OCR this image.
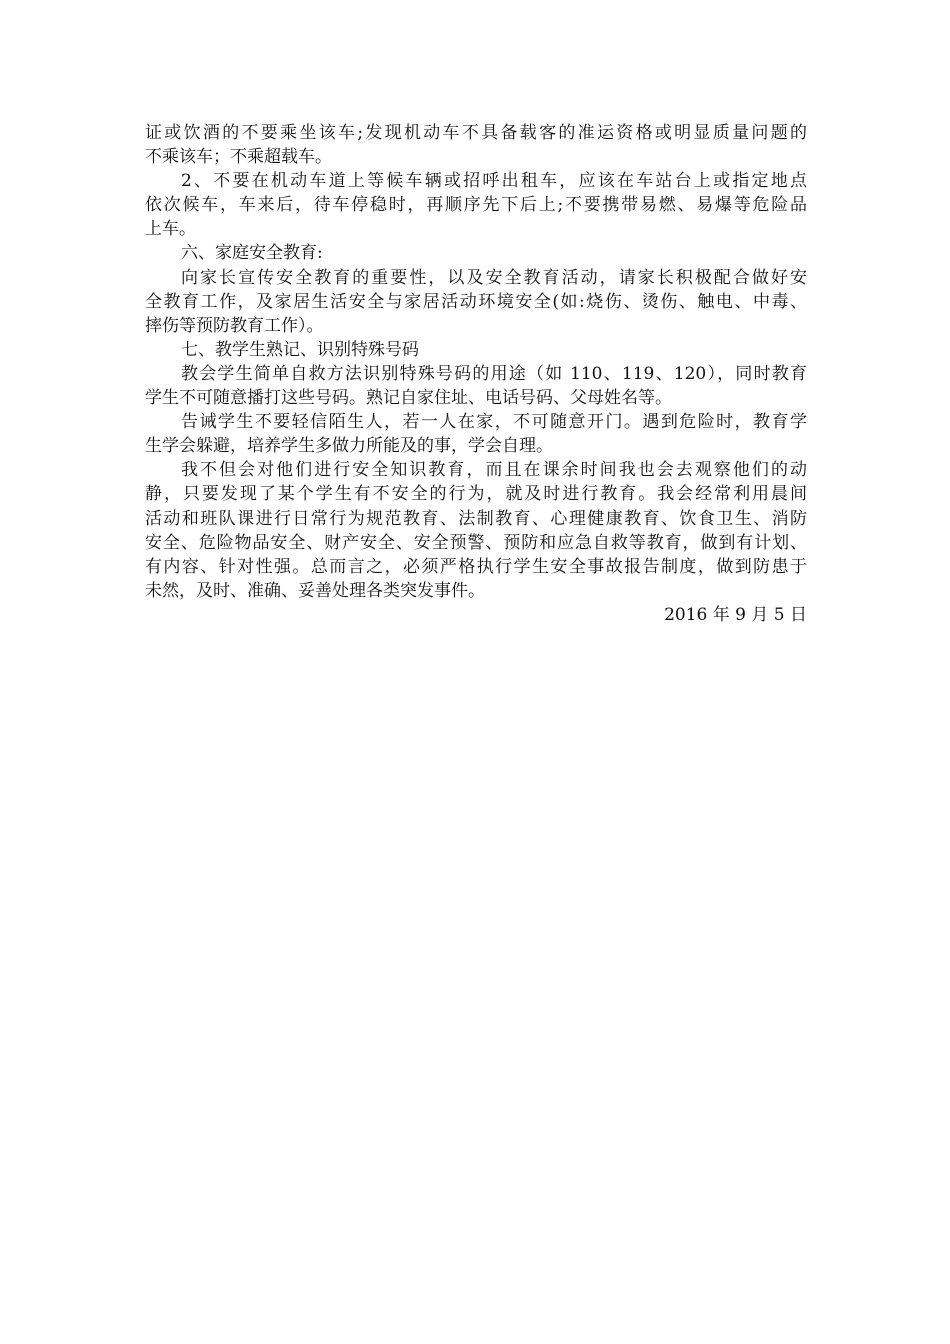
证或饮酒的不要乘坐该车;发现机动车不具备载客的准运资格或明显质量问题的
不乘该车；不乘超载车。
2、不要在机动车道上等候车辆或招呼出租车，应该在车站台上或指定地点
依次候车，车来后，待车停稳时，再顺序先下后上;不要携带易燃、易爆等危险品
上车。
六、家庭安全教育:
向家长宣传安全教育的重要性，以及安全教育活动，请家长积极配合做好安
全教育工作，及家居生活安全与家居活动环境安全(如:烧伤、烫伤、触电、中毒、
摔伤等预防教育工作）。
七、教学生熟记、识别特殊号码
教会学生简单自救方法识别特殊号码的用途（如 110、119、120），同时教育
学生不可随意播打这些号码。熟记自家住址、电话号码、父母姓名等。
告诫学生不要轻信陌生人，若一人在家，不可随意开门。遇到危险时，教育学
生学会躲避，培养学生多做力所能及的事，学会自理。
我不但会对他们进行安全知识教育，而且在课余时间我也会去观察他们的动
静，只要发现了某个学生有不安全的行为，就及时进行教育。我会经常利用晨间
活动和班队课进行日常行为规范教育、法制教育、心理健康教育、饮食卫生、消防
安全、危险物品安全、财产安全、安全预警、预防和应急自救等教育，做到有计划、
有内容、针对性强。总而言之，必须严格执行学生安全事故报告制度，做到防患于
未然，及时、准确、妥善处理各类突发事件。
2016 年 9 月 5 日
